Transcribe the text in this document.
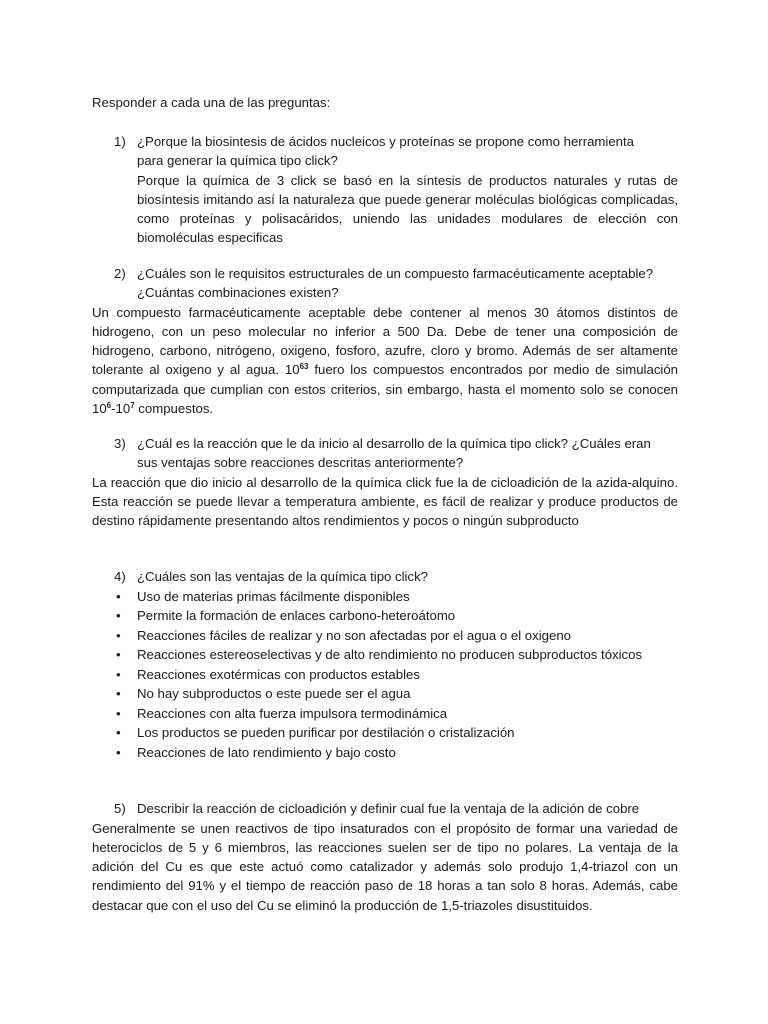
Responder a cada una de las preguntas:
1) ¿Porque la biosintesis de ácidos nucleicos y proteínas se propone como herramienta
para generar la química tipo click?
Porque la química de 3 click se basó en la síntesis de productos naturales y rutas de biosíntesis imitando así la naturaleza que puede generar moléculas biológicas complicadas, como proteínas y polisacáridos, uniendo las unidades modulares de elección con biomoléculas especificas
2) ¿Cuáles son le requisitos estructurales de un compuesto farmacéuticamente aceptable?
¿Cuántas combinaciones existen?
Un compuesto farmacéuticamente aceptable debe contener al menos 30 átomos distintos de hidrogeno, con un peso molecular no inferior a 500 Da. Debe de tener una composición de hidrogeno, carbono, nitrógeno, oxigeno, fosforo, azufre, cloro y bromo. Además de ser altamente tolerante al oxigeno y al agua. $10^{63}$ fuero los compuestos encontrados por medio de simulación computarizada que cumplian con estos criterios, sin embargo, hasta el momento solo se conocen $10^6-10^7$ compuestos.
3) ¿Cuál es la reacción que le da inicio al desarrollo de la química tipo click? ¿Cuáles eran
sus ventajas sobre reacciones descritas anteriormente?
La reacción que dio inicio al desarrollo de la química click fue la de cicloadición de la azida-alquino. Esta reacción se puede llevar a temperatura ambiente, es fácil de realizar y produce productos de destino rápidamente presentando altos rendimientos y pocos o ningún subproducto
4) ¿Cuáles son las ventajas de la química tipo click?
• Uso de materias primas fácilmente disponibles
• Permite la formación de enlaces carbono-heteroátomo
• Reacciones fáciles de realizar y no son afectadas por el agua o el oxigeno
• Reacciones estereoselectivas y de alto rendimiento no producen subproductos tóxicos
• Reacciones exotérmicas con productos estables
• No hay subproductos o este puede ser el agua
• Reacciones con alta fuerza impulsora termodinámica
• Los productos se pueden purificar por destilación o cristalización
• Reacciones de lato rendimiento y bajo costo
5) Describir la reacción de cicloadición y definir cual fue la ventaja de la adición de cobre
Generalmente se unen reactivos de tipo insaturados con el propósito de formar una variedad de heterociclos de 5 y 6 miembros, las reacciones suelen ser de tipo no polares. La ventaja de la adición del Cu es que este actuó como catalizador y además solo produjo 1,4-triazol con un rendimiento del 91% y el tiempo de reacción paso de 18 horas a tan solo 8 horas. Además, cabe destacar que con el uso del Cu se eliminó la producción de 1,5-triazoles disustituidos.
